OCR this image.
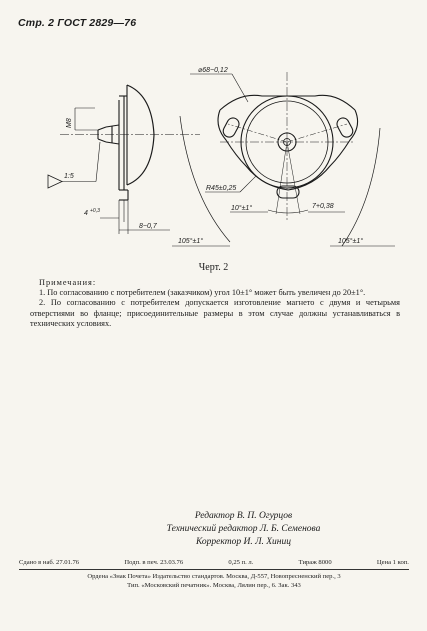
Стр. 2 ГОСТ 2829—76
⌀68−0,12
M8
1:5
4 +0,3
8−0,7
R45±0,25
10°±1°	7+0,38
105°±1°	105°±1°
Черт. 2

Примечания:

1. По согласованию с потребителем (заказчиком) угол 10±1° может быть увеличен до 20±1°.

2. По согласованию с потребителем допускается изготовление магнето с двумя и четырьмя отверстиями во фланце; присоединительные размеры в этом случае должны устанавливаться в технических условиях.

Редактор В. П. Огурцов
Технический редактор Л. Б. Семенова
Корректор И. Л. Хиниц
Сдано в наб. 27.01.76	Подп. в печ. 23.03.76	0,25 п. л.	Тираж 8000	Цена 1 коп.
Ордена «Знак Почета» Издательство стандартов. Москва, Д-557, Новопресненский пер., 3
Тип. «Московский печатник». Москва, Лялин пер., 6. Зак. 343
